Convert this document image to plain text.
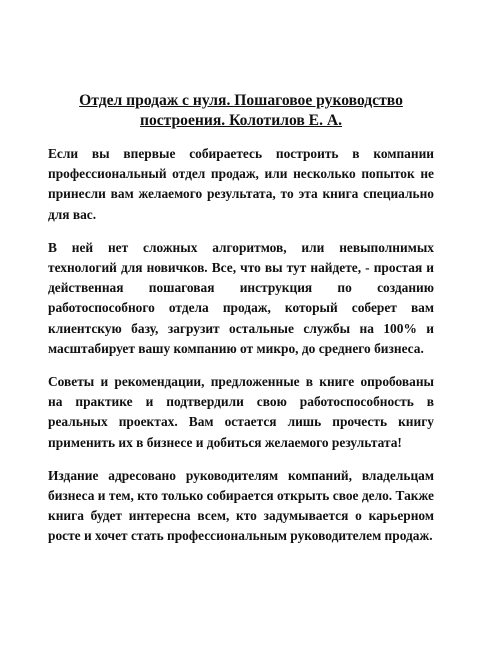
Отдел продаж с нуля. Пошаговое руководство построения. Колотилов Е. А.

Если вы впервые собираетесь построить в компании профессиональный отдел продаж, или несколько попыток не принесли вам желаемого результата, то эта книга специально для вас.

В ней нет сложных алгоритмов, или невыполнимых технологий для новичков. Все, что вы тут найдете, - простая и действенная пошаговая инструкция по созданию работоспособного отдела продаж, который соберет вам клиентскую базу, загрузит остальные службы на 100% и масштабирует вашу компанию от микро, до среднего бизнеса.

Советы и рекомендации, предложенные в книге опробованы на практике и подтвердили свою работоспособность в реальных проектах. Вам остается лишь прочесть книгу применить их в бизнесе и добиться желаемого результата!

Издание адресовано руководителям компаний, владельцам бизнеса и тем, кто только собирается открыть свое дело. Также книга будет интересна всем, кто задумывается о карьерном росте и хочет стать профессиональным руководителем продаж.
